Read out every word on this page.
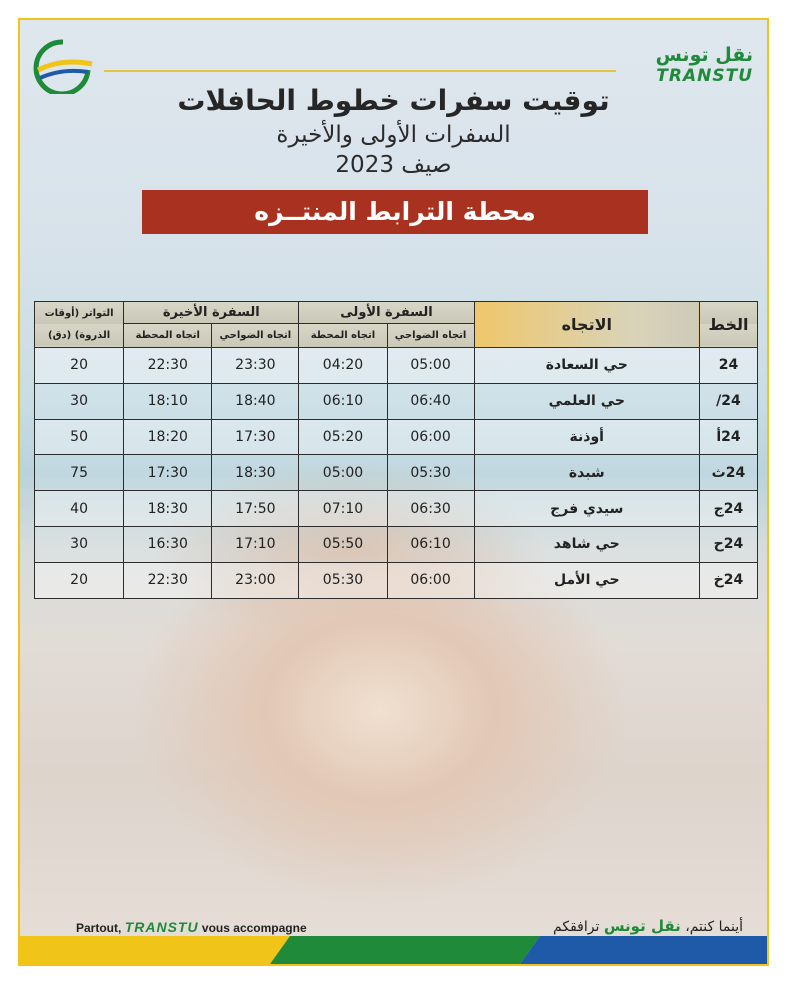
نقل تونس
TRANSTU
توقيت سفرات خطوط الحافلات
السفرات الأولى والأخيرة
صيف 2023
محطة الترابط المنتــزه
الخط	الاتجاه	السفرة الأولى		السفرة الأخيرة		التواتر (أوقات الذروة) (دق)
		اتجاه الضواحي	اتجاه المحطة	اتجاه الضواحي	اتجاه المحطة	
24	حي السعادة	05:00	04:20	23:30	22:30	20
24/	حي العلمي	06:40	06:10	18:40	18:10	30
24أ	أوذنة	06:00	05:20	17:30	18:20	50
24ث	شبدة	05:30	05:00	18:30	17:30	75
24ج	سيدي فرج	06:30	07:10	17:50	18:30	40
24ح	حي شاهد	06:10	05:50	17:10	16:30	30
24خ	حي الأمل	06:00	05:30	23:00	22:30	20
Partout, TRANSTU vous accompagne	أينما كنتم، نقل تونس ترافقكم
